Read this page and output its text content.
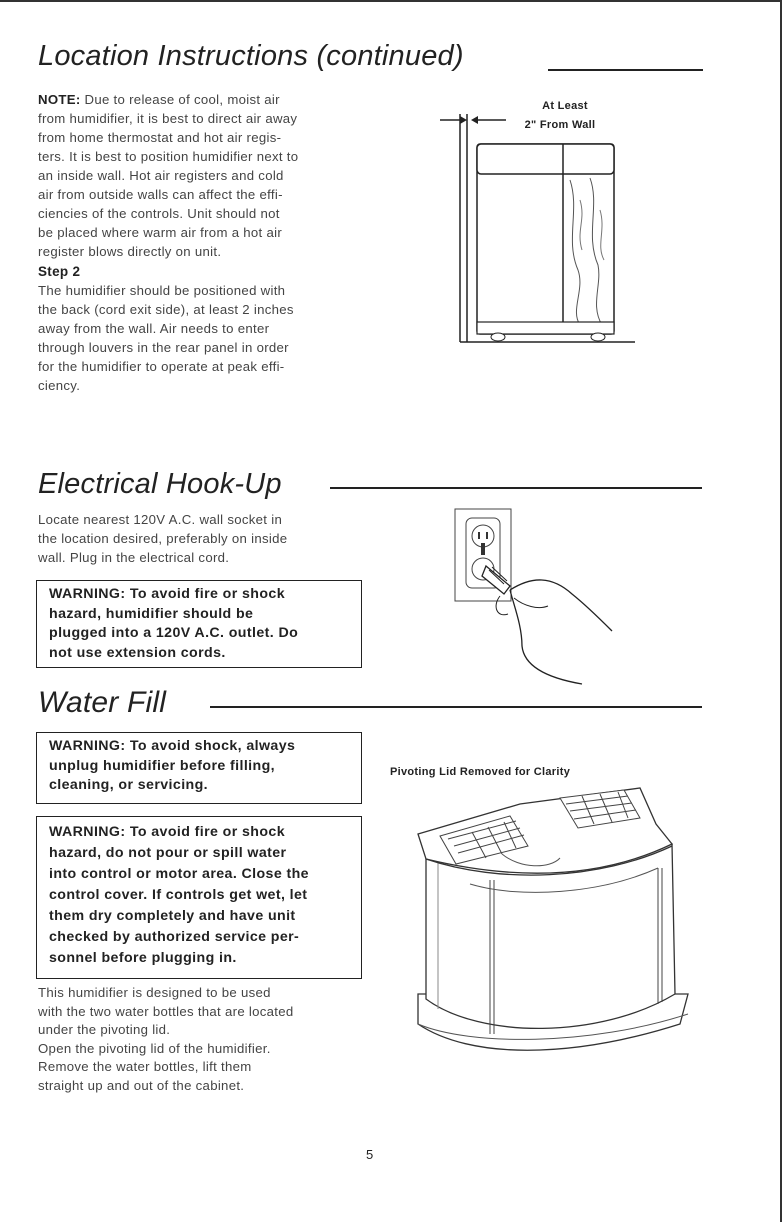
Location Instructions (continued)
NOTE: Due to release of cool, moist air
from humidifier, it is best to direct air away
from home thermostat and hot air regis-
ters. It is best to position humidifier next to
an inside wall. Hot air registers and cold
air from outside walls can affect the effi-
ciencies of the controls. Unit should not
be placed where warm air from a hot air
register blows directly on unit.
Step 2
The humidifier should be positioned with
the back (cord exit side), at least 2 inches
away from the wall. Air needs to enter
through louvers in the rear panel in order
for the humidifier to operate at peak effi-
ciency.
At Least
2" From Wall
Electrical Hook-Up
Locate nearest 120V A.C. wall socket in
the location desired, preferably on inside
wall. Plug in the electrical cord.
WARNING: To avoid fire or shock
hazard, humidifier should be
plugged into a 120V A.C. outlet. Do
not use extension cords.
Water Fill
WARNING: To avoid shock, always
unplug humidifier before filling,
cleaning, or servicing.
WARNING: To avoid fire or shock
hazard, do not pour or spill water
into control or motor area. Close the
control cover. If controls get wet, let
them dry completely and have unit
checked by authorized service per-
sonnel before plugging in.
This humidifier is designed to be used
with the two water bottles that are located
under the pivoting lid.
Open the pivoting lid of the humidifier.
Remove the water bottles, lift them
straight up and out of the cabinet.
Pivoting Lid Removed for Clarity
5
